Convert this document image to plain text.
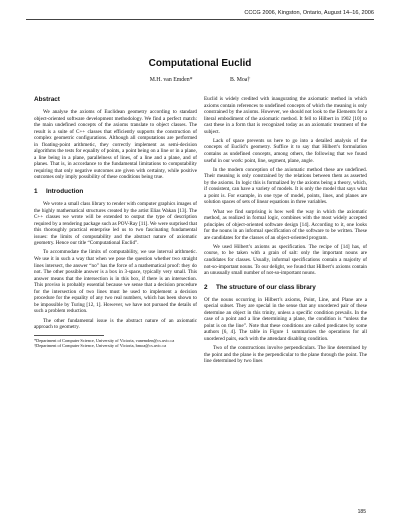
CCCG 2006, Kingston, Ontario, August 14–16, 2006
Computational Euclid
M.H. van Emden*	B. Moa†
Abstract

We analyse the axioms of Euclidean geometry according to standard object-oriented software development methodology. We find a perfect match: the main undefined concepts of the axioms translate to object classes. The result is a suite of C++ classes that efficiently supports the construction of complex geometric configurations. Although all computations are performed in floating-point arithmetic, they correctly implement as semi-decision algorithms the tests for equality of points, a point being on a line or in a plane, a line being in a plane, parallelness of lines, of a line and a plane, and of planes. That is, in accordance to the fundamental limitations to computability requiring that only negative outcomes are given with certainty, while positive outcomes only imply possibility of these conditions being true.

1 Introduction

We wrote a small class library to render with computer graphics images of the highly mathematical structures created by the artist Elias Wakan [13]. The C++ classes we wrote will be extended to output the type of description required by a rendering package such as POV-Ray [11]. We were surprised that this thoroughly practical enterprise led us to two fascinating fundamental issues: the limits of computability and the abstract nature of axiomatic geometry. Hence our title “Computational Euclid”.

To accommodate the limits of computability, we use interval arithmetic. We use it in such a way that when we pose the question whether two straight lines intersect, the answer “no” has the force of a mathematical proof: they do not. The other possible answer is a box in 3-space, typically very small. This answer means that the intersection is in this box, if there is an intersection. This proviso is probably essential because we sense that a decision procedure for the intersection of two lines must be used to implement a decision procedure for the equality of any two real numbers, which has been shown to be impossible by Turing [12, 1]. However, we have not pursued the details of such a problem reduction.

The other fundamental issue is the abstract nature of an axiomatic approach to geometry.

*Department of Computer Science, University of Victoria, vanemden@cs.uvic.ca
†Department of Computer Science, University of Victoria, bmoa@cs.uvic.ca

Euclid is widely credited with inaugurating the axiomatic method in which axioms contain references to undefined concepts of which the meaning is only constrained by the axioms. However, we should not look to the Elements for a literal embodiment of the axiomatic method. It fell to Hilbert in 1902 [10] to cast these in a form that is recognized today as an axiomatic treatment of the subject.

Lack of space prevents us here to go into a detailed analysis of the concepts of Euclid’s geometry. Suffice it to say that Hilbert’s formulation contains as undefined concepts, among others, the following that we found useful in our work: point, line, segment, plane, angle.

In the modern conception of the axiomatic method these are undefined. Their meaning is only constrained by the relations between them as asserted by the axioms. In logic this is formalized by the axioms being a theory, which, if consistent, can have a variety of models. It is only the model that says what a point is. For example, in one type of model, points, lines, and planes are solution spaces of sets of linear equations in three variables.

What we find surprising is how well the way in which the axiomatic method, as realized in formal logic, combines with the most widely accepted principles of object-oriented software design [14]. According to it, one looks for the nouns in an informal specification of the software to be written. These are candidates for the classes of an object-oriented program.

We used Hilbert’s axioms as specification. The recipe of [14] has, of course, to be taken with a grain of salt: only the important nouns are candidates for classes. Usually, informal specifications contain a majority of not-so-important nouns. To our delight, we found that Hilbert’s axioms contain an unusually small number of not-so-important nouns.

2 The structure of our class library

Of the nouns occurring in Hilbert’s axioms, Point, Line, and Plane are a special subset. They are special in the sense that any unordered pair of these determine an object in this trinity, unless a specific condition prevails. In the case of a point and a line determining a plane, the condition is “unless the point is on the line”. Note that these conditions are called predicates by some authors [6, 4]. The table in Figure 1 summarizes the operations for all unordered pairs, each with the attendant disabling condition.

Two of the constructions involve perpendiculars. The line determined by the point and the plane is the perpendicular to the plane through the point. The line determined by two lines

185
